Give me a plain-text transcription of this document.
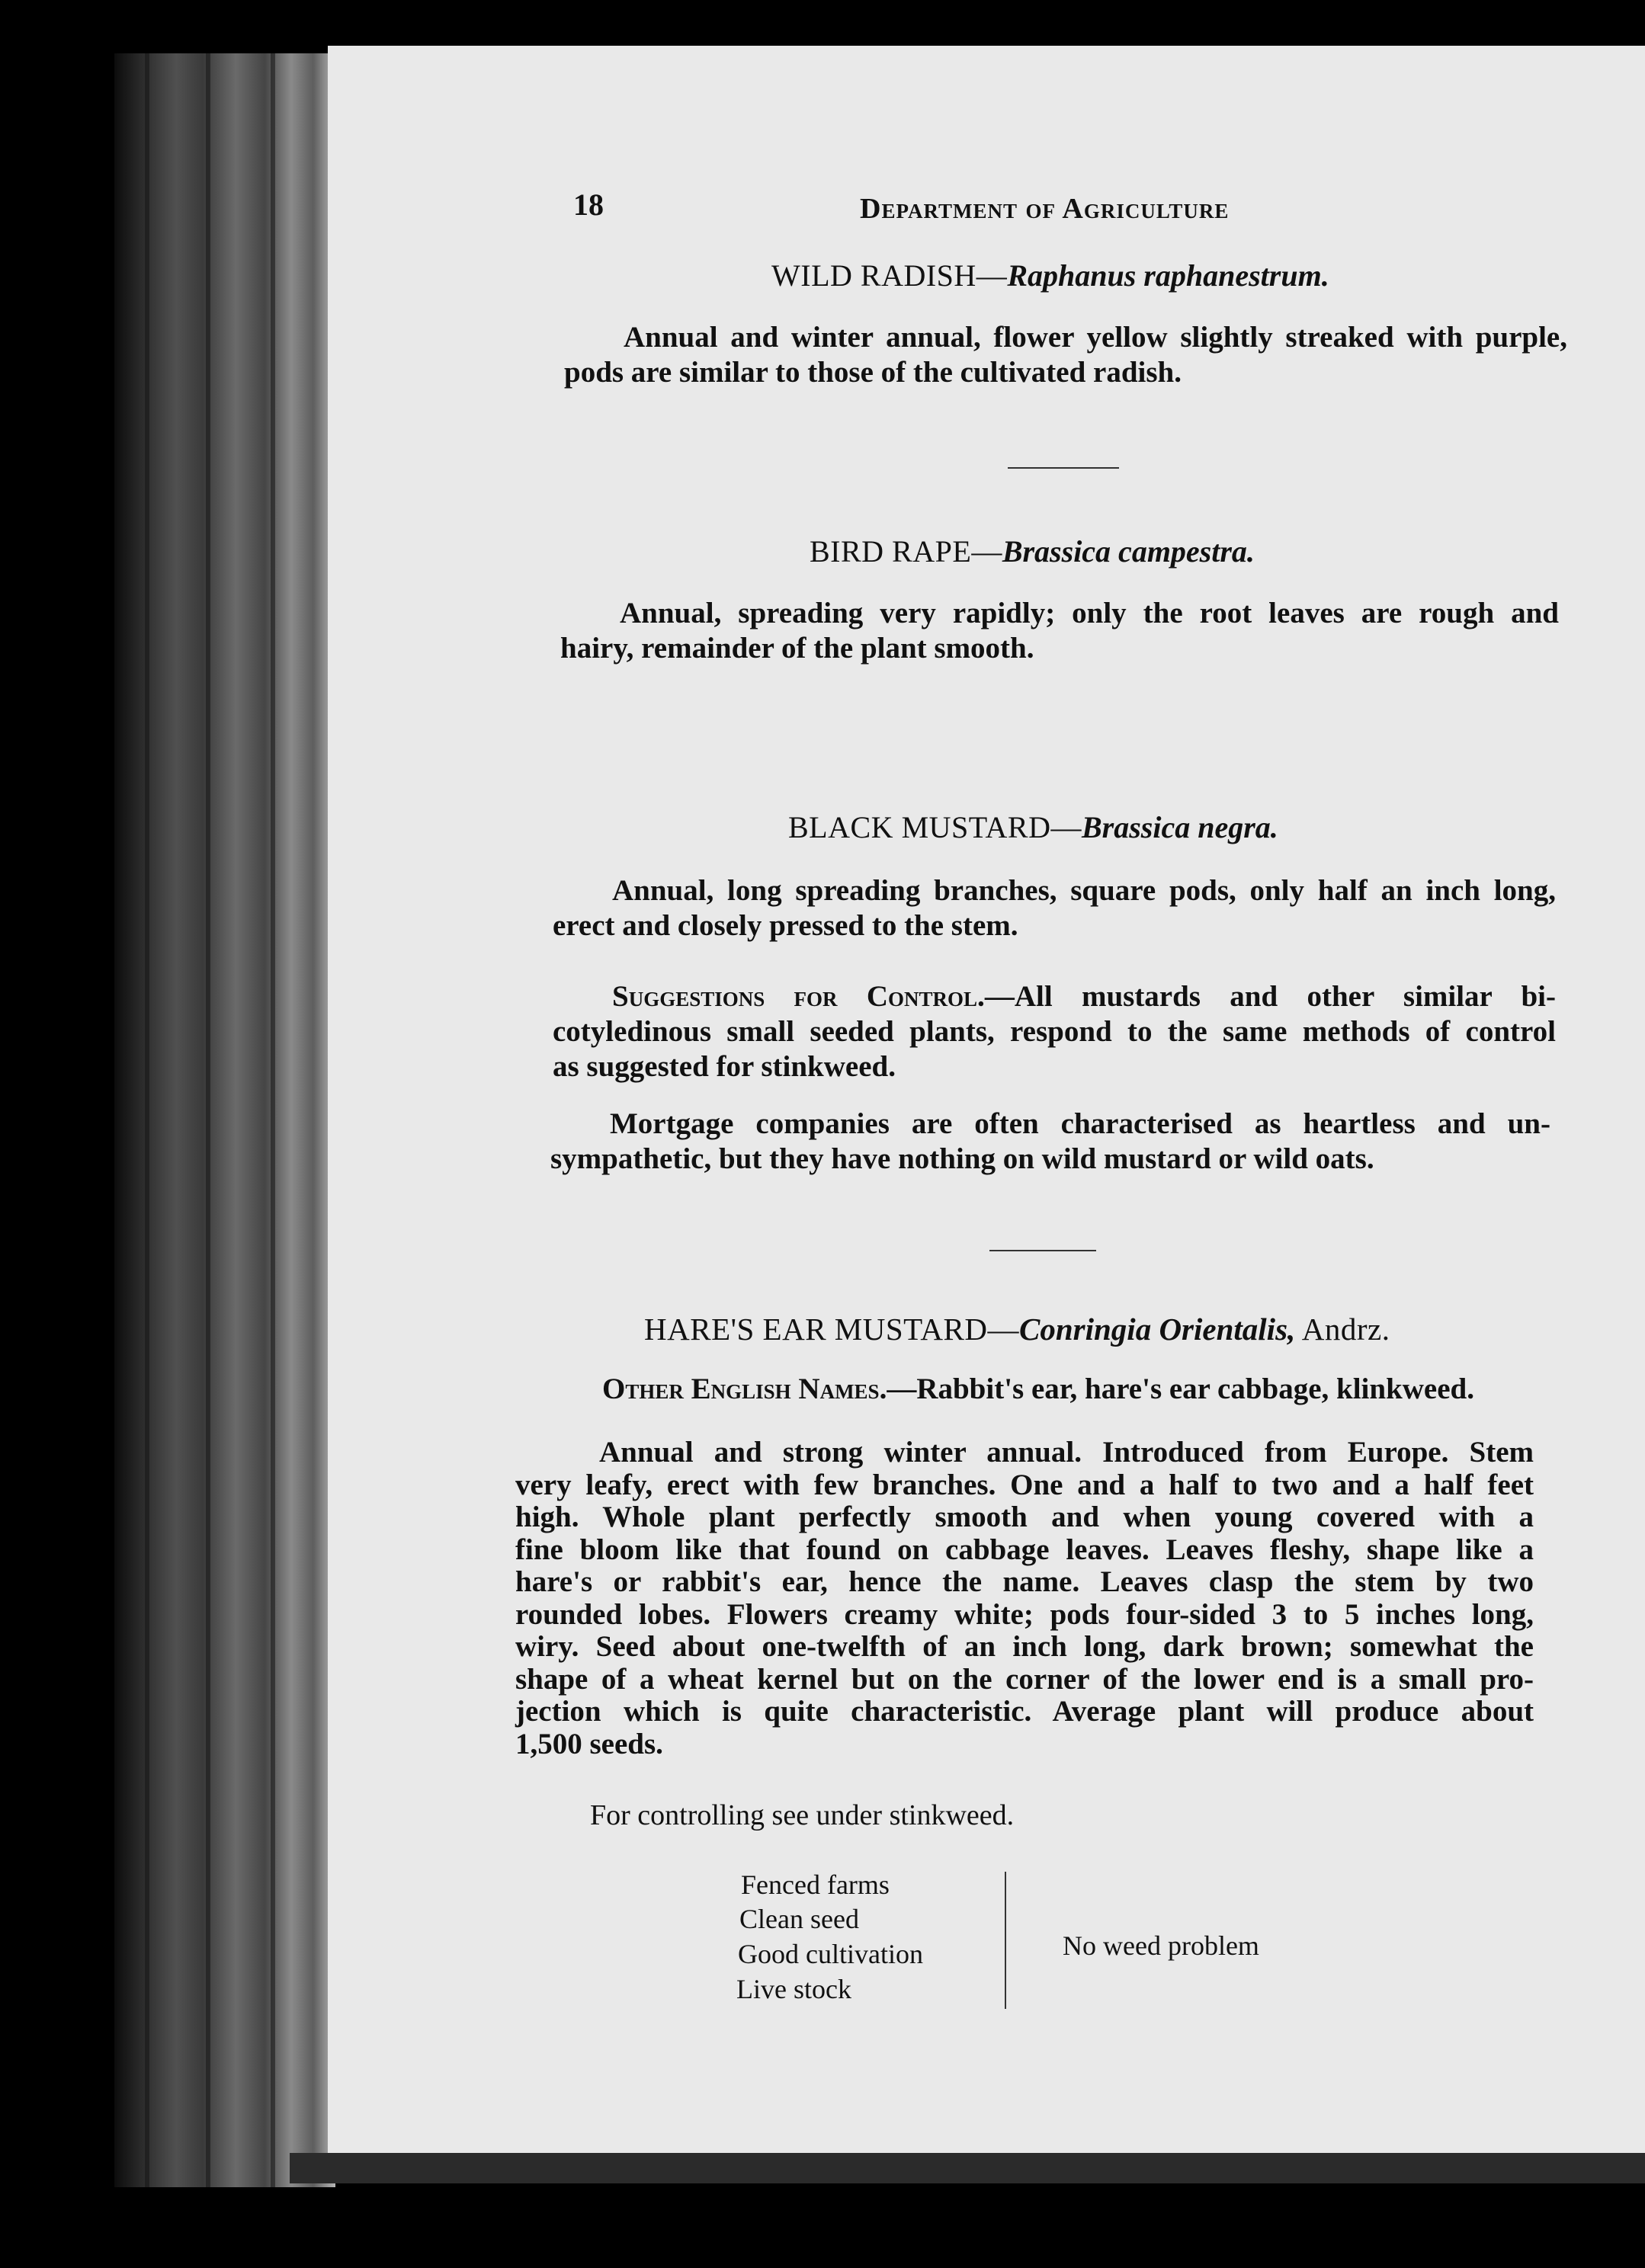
18	Department of Agriculture
WILD RADISH—Raphanus raphanestrum.
Annual and winter annual, flower yellow slightly streaked with purple,
pods are similar to those of the cultivated radish.
BIRD RAPE—Brassica campestra.
Annual, spreading very rapidly; only the root leaves are rough and
hairy, remainder of the plant smooth.
BLACK MUSTARD—Brassica negra.
Annual, long spreading branches, square pods, only half an inch long,
erect and closely pressed to the stem.
Suggestions for Control.—All mustards and other similar bi-
cotyledinous small seeded plants, respond to the same methods of control
as suggested for stinkweed.
Mortgage companies are often characterised as heartless and un-
sympathetic, but they have nothing on wild mustard or wild oats.
HARE'S EAR MUSTARD—Conringia Orientalis, Andrz.
Other English Names.—Rabbit's ear, hare's ear cabbage, klinkweed.
Annual and strong winter annual. Introduced from Europe. Stem
very leafy, erect with few branches. One and a half to two and a half feet
high. Whole plant perfectly smooth and when young covered with a
fine bloom like that found on cabbage leaves. Leaves fleshy, shape like a
hare's or rabbit's ear, hence the name. Leaves clasp the stem by two
rounded lobes. Flowers creamy white; pods four-sided 3 to 5 inches long,
wiry. Seed about one-twelfth of an inch long, dark brown; somewhat the
shape of a wheat kernel but on the corner of the lower end is a small pro-
jection which is quite characteristic. Average plant will produce about
1,500 seeds.
For controlling see under stinkweed.
Fenced farms
Clean seed
Good cultivation
Live stock
No weed problem
